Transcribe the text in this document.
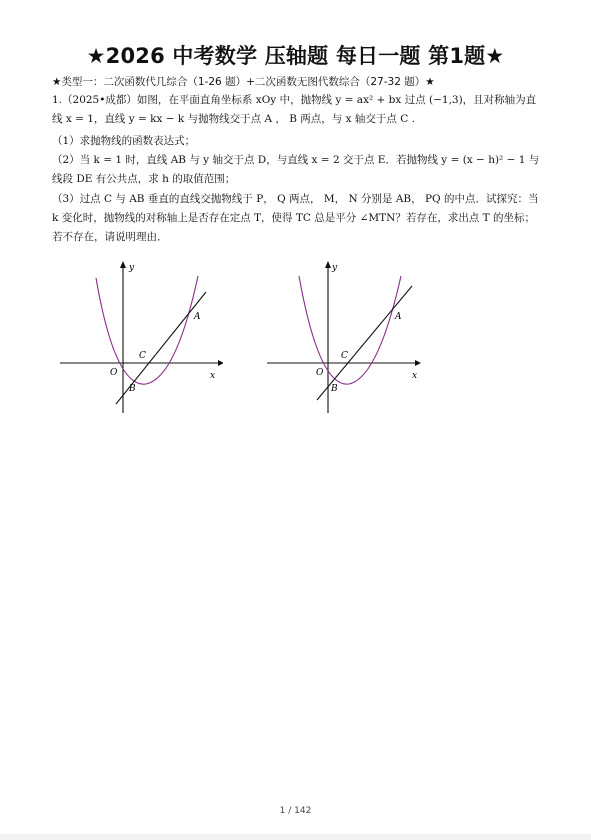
★2026 中考数学 压轴题 每日一题 第1题★
★类型一：二次函数代几综合（1-26 题）+二次函数无图代数综合（27-32 题）★
1.（2025•成都）如图，在平面直角坐标系 xOy 中，抛物线 y = ax² + bx 过点 (−1,3)，且对称轴为直线 x = 1，直线 y = kx − k 与抛物线交于点 A ， B 两点，与 x 轴交于点 C .
（1）求抛物线的函数表达式；
（2）当 k = 1 时，直线 AB 与 y 轴交于点 D，与直线 x = 2 交于点 E．若抛物线 y = (x − h)² − 1 与线段 DE 有公共点，求 h 的取值范围；
（3）过点 C 与 AB 垂直的直线交抛物线于 P， Q 两点， M， N 分别是 AB， PQ 的中点．试探究：当 k 变化时，抛物线的对称轴上是否存在定点 T，使得 TC 总是平分 ∠MTN？若存在，求出点 T 的坐标；若不存在，请说明理由．
y
x
O
A
B
C
y
x
O
A
B
C
1 / 142
